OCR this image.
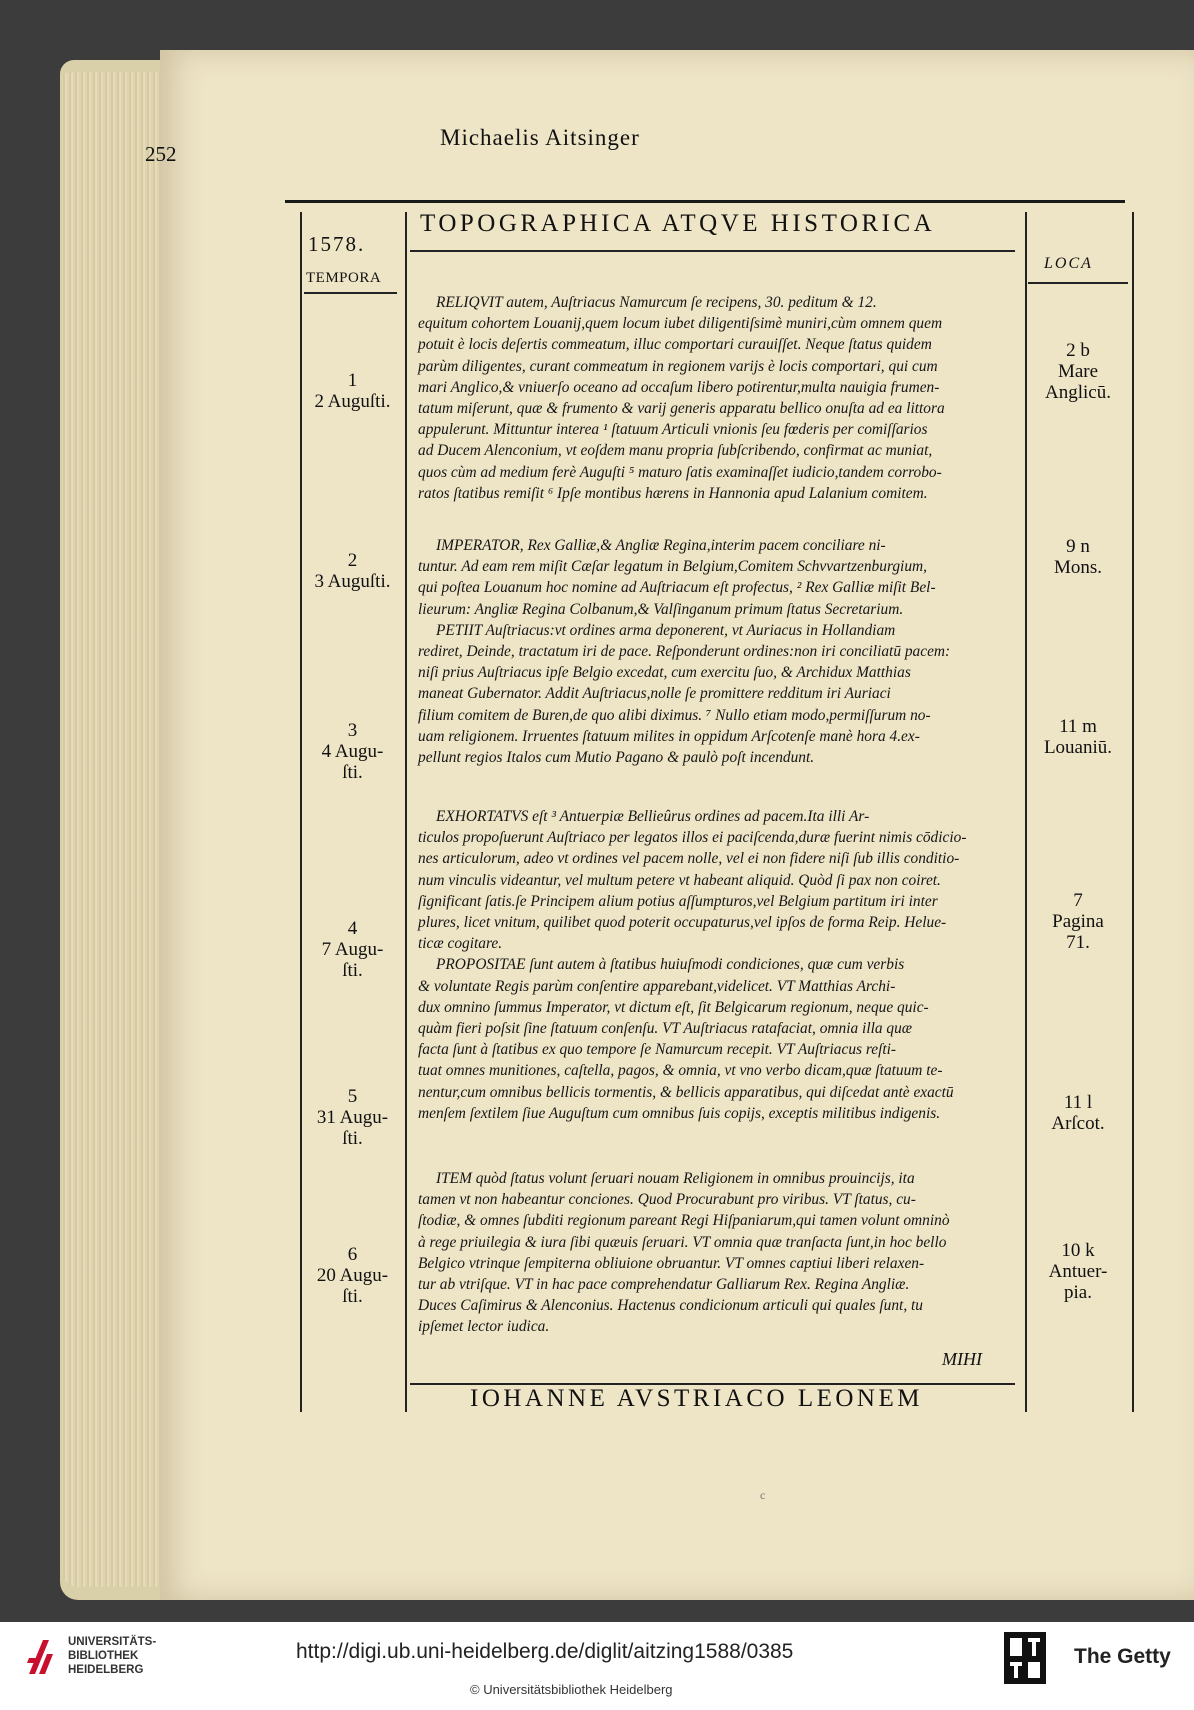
252
Michaelis Aitsinger
1578.
TEMPORA
TOPOGRAPHICA ATQVE HISTORICA
LOCA
RELIQVIT autem, Auſtriacus Namurcum ſe recipens, 30. peditum & 12.
equitum cohortem Louanij,quem locum iubet diligentiſsimè muniri,cùm omnem quem
potuit è locis deſertis commeatum, illuc comportari curauiſſet. Neque ſtatus quidem
parùm diligentes, curant commeatum in regionem varijs è locis comportari, qui cum
mari Anglico,& vniuerſo oceano ad occaſum libero potirentur,multa nauigia frumen-
tatum miſerunt, quæ & frumento & varij generis apparatu bellico onuſta ad ea littora
appulerunt. Mittuntur interea ¹ ſtatuum Articuli vnionis ſeu fœderis per comiſſarios
ad Ducem Alenconium, vt eoſdem manu propria ſubſcribendo, confirmat ac muniat,
quos cùm ad medium ferè Auguſti ⁵ maturo ſatis examinaſſet iudicio,tandem corrobo-
ratos ſtatibus remiſit ⁶ Ipſe montibus hærens in Hannonia apud Lalanium comitem.
IMPERATOR, Rex Galliæ,& Angliæ Regina,interim pacem conciliare ni-
tuntur. Ad eam rem miſit Cæſar legatum in Belgium,Comitem Schvvartzenburgium,
qui poſtea Louanum hoc nomine ad Auſtriacum eſt profectus, ² Rex Galliæ miſit Bel-
lieurum: Angliæ Regina Colbanum,& Valſinganum primum ſtatus Secretarium.
PETIIT Auſtriacus:vt ordines arma deponerent, vt Auriacus in Hollandiam
rediret, Deinde, tractatum iri de pace. Reſponderunt ordines:non iri conciliatū pacem:
niſi prius Auſtriacus ipſe Belgio excedat, cum exercitu ſuo, & Archidux Matthias
maneat Gubernator. Addit Auſtriacus,nolle ſe promittere redditum iri Auriaci
filium comitem de Buren,de quo alibi diximus. ⁷ Nullo etiam modo,permiſſurum no-
uam religionem. Irruentes ſtatuum milites in oppidum Arſcotenſe manè hora 4.ex-
pellunt regios Italos cum Mutio Pagano & paulò poſt incendunt.
EXHORTATVS eſt ³ Antuerpiæ Bellieûrus ordines ad pacem.Ita illi Ar-
ticulos propoſuerunt Auſtriaco per legatos illos ei paciſcenda,duræ fuerint nimis cōdicio-
nes articulorum, adeo vt ordines vel pacem nolle, vel ei non fidere niſi ſub illis conditio-
num vinculis videantur, vel multum petere vt habeant aliquid. Quòd ſi pax non coiret.
ſignificant ſatis.ſe Principem alium potius aſſumpturos,vel Belgium partitum iri inter
plures, licet vnitum, quilibet quod poterit occupaturus,vel ipſos de forma Reip. Helue-
ticæ cogitare.
PROPOSITAE ſunt autem à ſtatibus huiuſmodi condiciones, quæ cum verbis
& voluntate Regis parùm conſentire apparebant,videlicet. VT Matthias Archi-
dux omnino ſummus Imperator, vt dictum eſt, ſit Belgicarum regionum, neque quic-
quàm fieri poſsit ſine ſtatuum conſenſu. VT Auſtriacus ratafaciat, omnia illa quæ
facta ſunt à ſtatibus ex quo tempore ſe Namurcum recepit. VT Auſtriacus reſti-
tuat omnes munitiones, caſtella, pagos, & omnia, vt vno verbo dicam,quæ ſtatuum te-
nentur,cum omnibus bellicis tormentis, & bellicis apparatibus, qui diſcedat antè exactū
menſem ſextilem ſiue Auguſtum cum omnibus ſuis copijs, exceptis militibus indigenis.
ITEM quòd ſtatus volunt ſeruari nouam Religionem in omnibus prouincijs, ita
tamen vt non habeantur conciones. Quod Procurabunt pro viribus. VT ſtatus, cu-
ſtodiæ, & omnes ſubditi regionum pareant Regi Hiſpaniarum,qui tamen volunt omninò
à rege priuilegia & iura ſibi quæuis ſeruari. VT omnia quæ tranſacta ſunt,in hoc bello
Belgico vtrinque ſempiterna obliuione obruantur. VT omnes captiui liberi relaxen-
tur ab vtriſque. VT in hac pace comprehendatur Galliarum Rex. Regina Angliæ.
Duces Caſimirus & Alenconius. Hactenus condicionum articuli qui quales ſunt, tu
ipſemet lector iudica.
1
2 Auguſti.
2
3 Auguſti.
3
4 Augu-
ſti.
4
7 Augu-
ſti.
5
31 Augu-
ſti.
6
20 Augu-
ſti.
2 b
Mare
Anglicū.
9 n
Mons.
11 m
Louaniū.
7
Pagina
71.
11 l
Arſcot.
10 k
Antuer-
pia.
MIHI
IOHANNE AVSTRIACO LEONEM
c
UNIVERSITÄTS-
BIBLIOTHEK
HEIDELBERG
http://digi.ub.uni-heidelberg.de/diglit/aitzing1588/0385
© Universitätsbibliothek Heidelberg
The Getty
